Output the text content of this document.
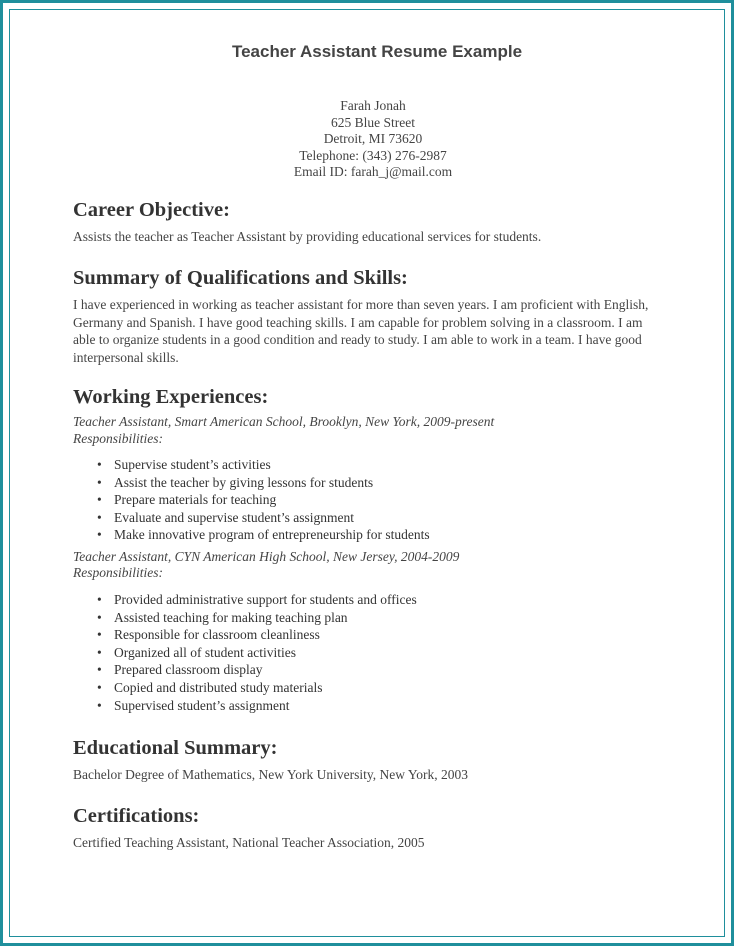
Teacher Assistant Resume Example
Farah Jonah
625 Blue Street
Detroit, MI 73620
Telephone: (343) 276-2987
Email ID: farah_j@mail.com
Career Objective:

Assists the teacher as Teacher Assistant by providing educational services for students.

Summary of Qualifications and Skills:

I have experienced in working as teacher assistant for more than seven years. I am proficient with English, Germany and Spanish. I have good teaching skills. I am capable for problem solving in a classroom. I am able to organize students in a good condition and ready to study. I am able to work in a team. I have good interpersonal skills.

Working Experiences:

Teacher Assistant, Smart American School, Brooklyn, New York, 2009-present

Responsibilities:

• Supervise student’s activities
• Assist the teacher by giving lessons for students
• Prepare materials for teaching
• Evaluate and supervise student’s assignment
• Make innovative program of entrepreneurship for students

Teacher Assistant, CYN American High School, New Jersey, 2004-2009

Responsibilities:

• Provided administrative support for students and offices
• Assisted teaching for making teaching plan
• Responsible for classroom cleanliness
• Organized all of student activities
• Prepared classroom display
• Copied and distributed study materials
• Supervised student’s assignment
Educational Summary:

Bachelor Degree of Mathematics, New York University, New York, 2003

Certifications:

Certified Teaching Assistant, National Teacher Association, 2005
